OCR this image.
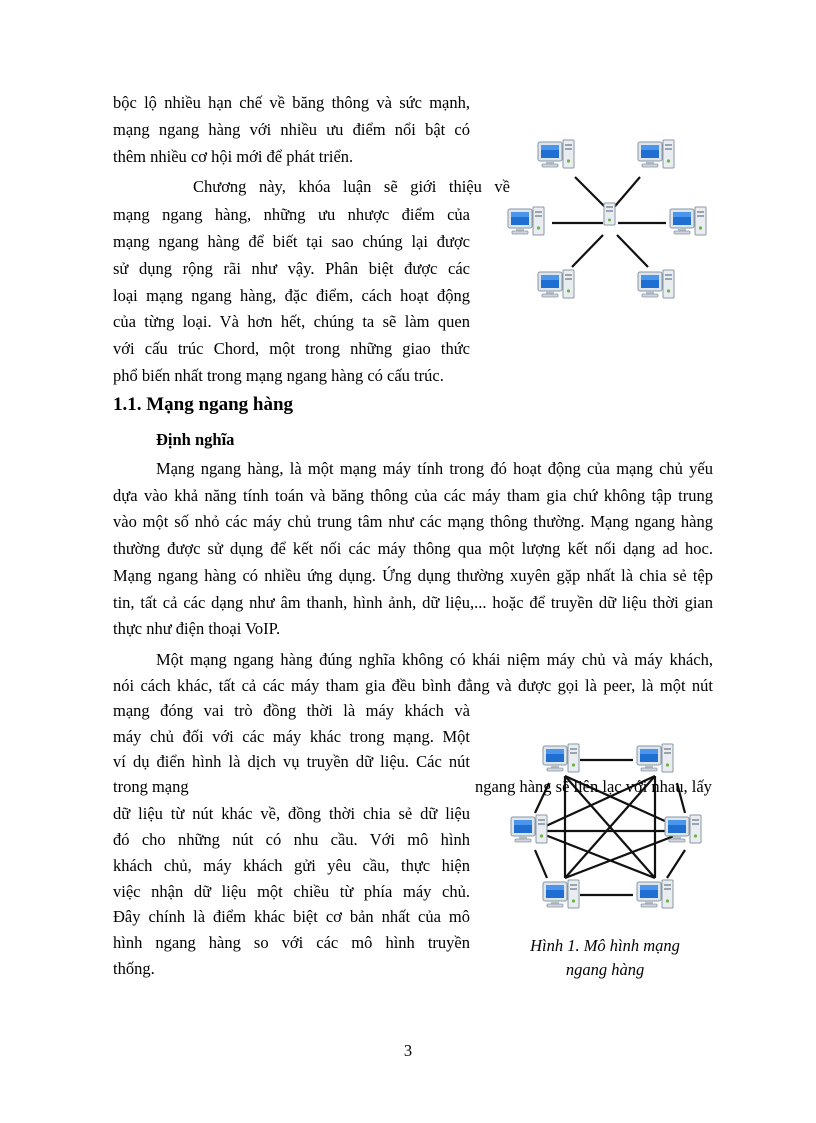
bộc lộ nhiều hạn chế về băng thông và sức mạnh,

mạng ngang hàng với nhiều ưu điểm nổi bật có

thêm nhiều cơ hội mới để phát triển.

Chương này, khóa luận sẽ giới thiệu về

mạng ngang hàng, những ưu nhược điểm của

mạng ngang hàng để biết tại sao chúng lại được

sử dụng rộng rãi như vậy. Phân biệt được các

loại mạng ngang hàng, đặc điểm, cách hoạt động

của từng loại. Và hơn hết, chúng ta sẽ làm quen

với cấu trúc Chord, một trong những giao thức

phổ biến nhất trong mạng ngang hàng có cấu trúc.

1.1. Mạng ngang hàng
Định nghĩa

Mạng ngang hàng, là một mạng máy tính trong đó hoạt động của mạng chủ yếu

dựa vào khả năng tính toán và băng thông của các máy tham gia chứ không tập trung

vào một số nhỏ các máy chủ trung tâm như các mạng thông thường. Mạng ngang hàng

thường được sử dụng để kết nối các máy thông qua một lượng kết nối dạng ad hoc.

Mạng ngang hàng có nhiều ứng dụng. Ứng dụng thường xuyên gặp nhất là chia sẻ tệp

tin, tất cả các dạng như âm thanh, hình ảnh, dữ liệu,... hoặc để truyền dữ liệu thời gian

thực như điện thoại VoIP.

Một mạng ngang hàng đúng nghĩa không có khái niệm máy chủ và máy khách,

nói cách khác, tất cả các máy tham gia đều bình đẳng và được gọi là peer, là một nút

mạng đóng vai trò đồng thời là máy khách và

máy chủ đối với các máy khác trong mạng. Một

ví dụ điển hình là dịch vụ truyền dữ liệu. Các nút

trong mạng	ngang hàng sẽ liên lạc với nhau, lấy

dữ liệu từ nút khác về, đồng thời chia sẻ dữ liệu

đó cho những nút có nhu cầu. Với mô hình

khách chủ, máy khách gửi yêu cầu, thực hiện

việc nhận dữ liệu một chiều từ phía máy chủ.

Đây chính là điểm khác biệt cơ bản nhất của mô

hình ngang hàng so với các mô hình truyền

thống.

Hình 1. Mô hình mạng
ngang hàng
3
